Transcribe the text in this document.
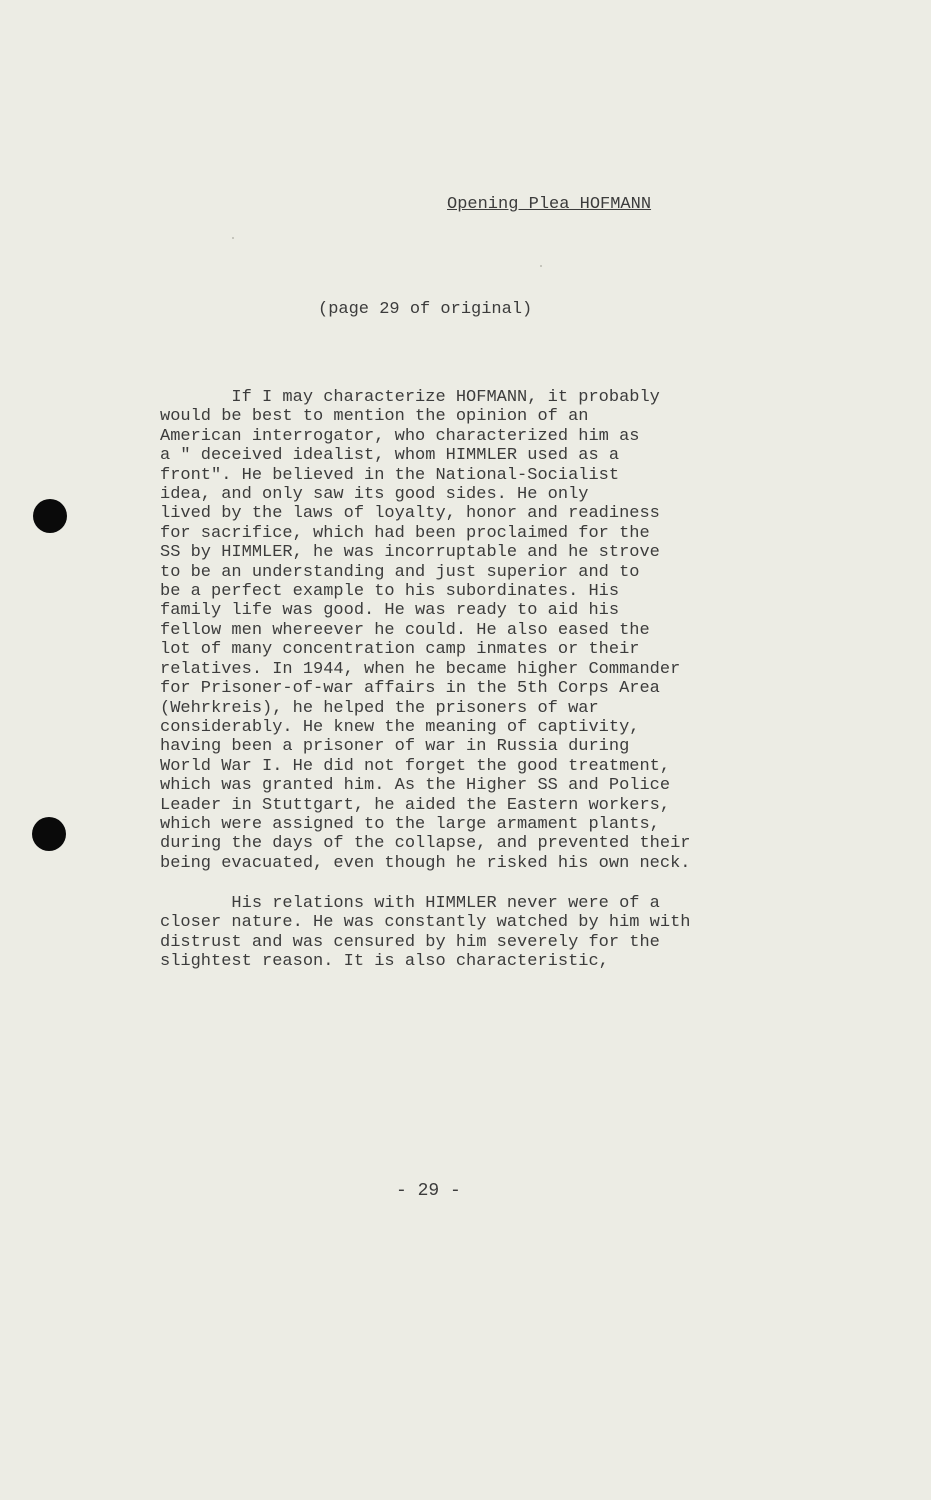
Opening Plea HOFMANN
(page 29 of original)
If I may characterize HOFMANN, it probably
would be best to mention the opinion of an
American interrogator, who characterized him as
a " deceived idealist, whom HIMMLER used as a
front". He believed in the National-Socialist
idea, and only saw its good sides. He only
lived by the laws of loyalty, honor and readiness
for sacrifice, which had been proclaimed for the
SS by HIMMLER, he was incorruptable and he strove
to be an understanding and just superior and to
be a perfect example to his subordinates. His
family life was good. He was ready to aid his
fellow men whereever he could. He also eased the
lot of many concentration camp inmates or their
relatives. In 1944, when he became higher Commander
for Prisoner-of-war affairs in the 5th Corps Area
(Wehrkreis), he helped the prisoners of war
considerably. He knew the meaning of captivity,
having been a prisoner of war in Russia during
World War I. He did not forget the good treatment,
which was granted him. As the Higher SS and Police
Leader in Stuttgart, he aided the Eastern workers,
which were assigned to the large armament plants,
during the days of the collapse, and prevented their
being evacuated, even though he risked his own neck.
His relations with HIMMLER never were of a
closer nature. He was constantly watched by him with
distrust and was censured by him severely for the
slightest reason. It is also characteristic,
- 29 -
